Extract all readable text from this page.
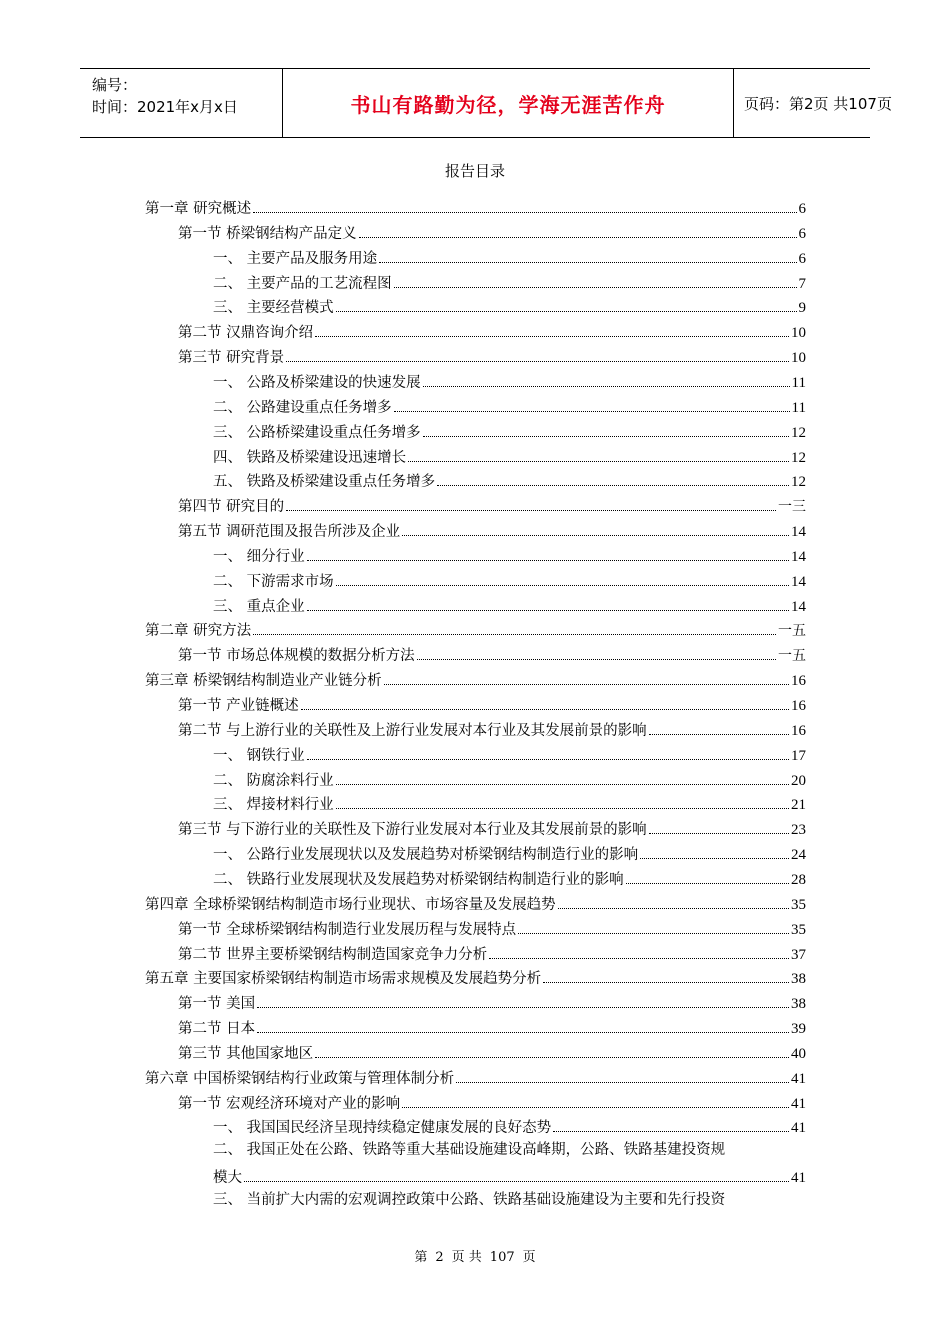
编号：
时间：2021年x月x日	书山有路勤为径，学海无涯苦作舟	页码：第2页 共107页
报告目录
第一章 研究概述	6
第一节 桥梁钢结构产品定义	6
一、 主要产品及服务用途	6
二、 主要产品的工艺流程图	7
三、 主要经营模式	9
第二节 汉鼎咨询介绍	10
第三节 研究背景	10
一、 公路及桥梁建设的快速发展	11
二、 公路建设重点任务增多	11
三、 公路桥梁建设重点任务增多	12
四、 铁路及桥梁建设迅速增长	12
五、 铁路及桥梁建设重点任务增多	12
第四节 研究目的	一三
第五节 调研范围及报告所涉及企业	14
一、 细分行业	14
二、 下游需求市场	14
三、 重点企业	14
第二章 研究方法	一五
第一节 市场总体规模的数据分析方法	一五
第三章 桥梁钢结构制造业产业链分析	16
第一节 产业链概述	16
第二节 与上游行业的关联性及上游行业发展对本行业及其发展前景的影响	16
一、 钢铁行业	17
二、 防腐涂料行业	20
三、 焊接材料行业	21
第三节 与下游行业的关联性及下游行业发展对本行业及其发展前景的影响	23
一、 公路行业发展现状以及发展趋势对桥梁钢结构制造行业的影响	24
二、 铁路行业发展现状及发展趋势对桥梁钢结构制造行业的影响	28
第四章 全球桥梁钢结构制造市场行业现状、市场容量及发展趋势	35
第一节 全球桥梁钢结构制造行业发展历程与发展特点	35
第二节 世界主要桥梁钢结构制造国家竞争力分析	37
第五章 主要国家桥梁钢结构制造市场需求规模及发展趋势分析	38
第一节 美国	38
第二节 日本	39
第三节 其他国家地区	40
第六章 中国桥梁钢结构行业政策与管理体制分析	41
第一节 宏观经济环境对产业的影响	41
一、 我国国民经济呈现持续稳定健康发展的良好态势	41
二、 我国正处在公路、铁路等重大基础设施建设高峰期，公路、铁路基建投资规
模大	41
三、 当前扩大内需的宏观调控政策中公路、铁路基础设施建设为主要和先行投资
第 2 页 共 107 页
